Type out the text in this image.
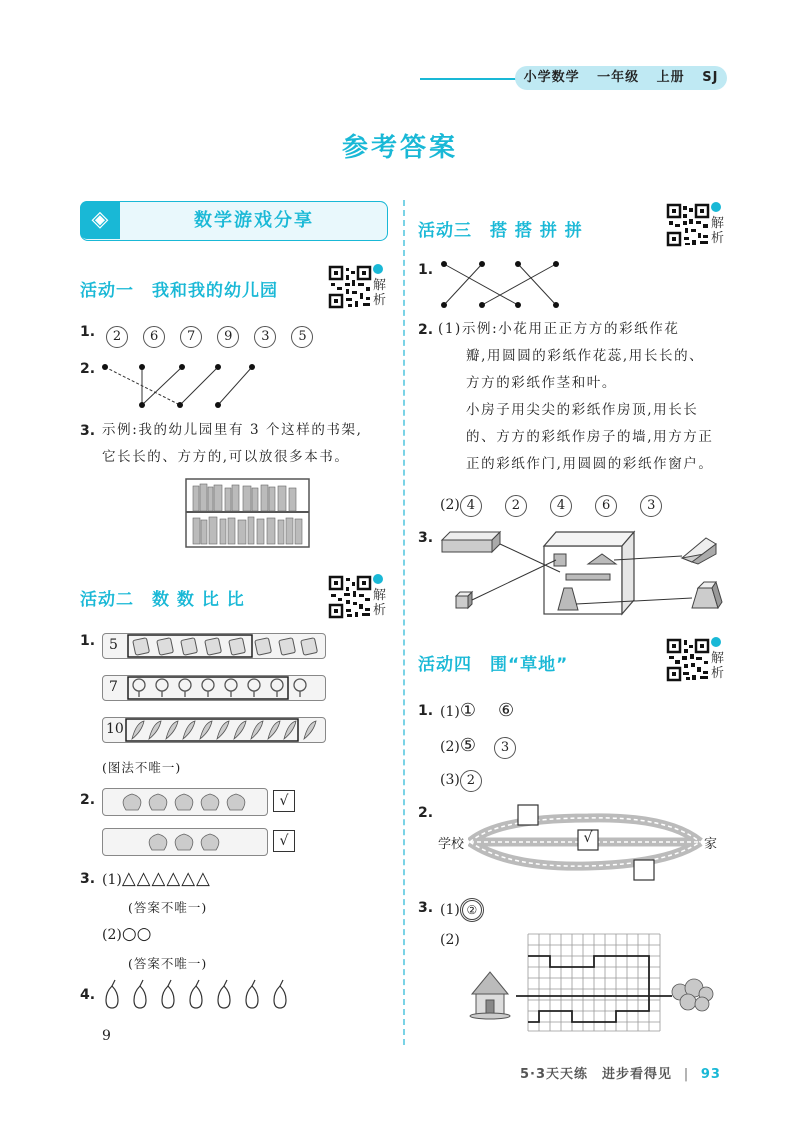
小学数学 一年级 上册 SJ
参考答案
◈	数学游戏分享
活动一　我和我的幼儿园	解析
1.	2 6 7 9 3 5
2.
3. 示例:我的幼儿园里有 3 个这样的书架,
它长长的、方方的,可以放很多本书。
活动二　数 数 比 比	解析
1. 5
7
10
(图法不唯一)
2.	√
√
3. (1)△△△△△△
(答案不唯一)
(2)○○
(答案不唯一)
4.
9
活动三　搭 搭 拼 拼	解析
1.
2. (1)示例:小花用正正方方的彩纸作花
瓣,用圆圆的彩纸作花蕊,用长长的、
方方的彩纸作茎和叶。
小房子用尖尖的彩纸作房顶,用长长
的、方方的彩纸作房子的墙,用方方正
正的彩纸作门,用圆圆的彩纸作窗户。
(2) 4	2	4	6	3
3.
活动四　围“草地”	解析
1. (1)① ⑥
(2)⑤ 3
(3) 2
2.
学校	家
√
3. (1) ②
(2)
5·3天天练　进步看得见 | 93
